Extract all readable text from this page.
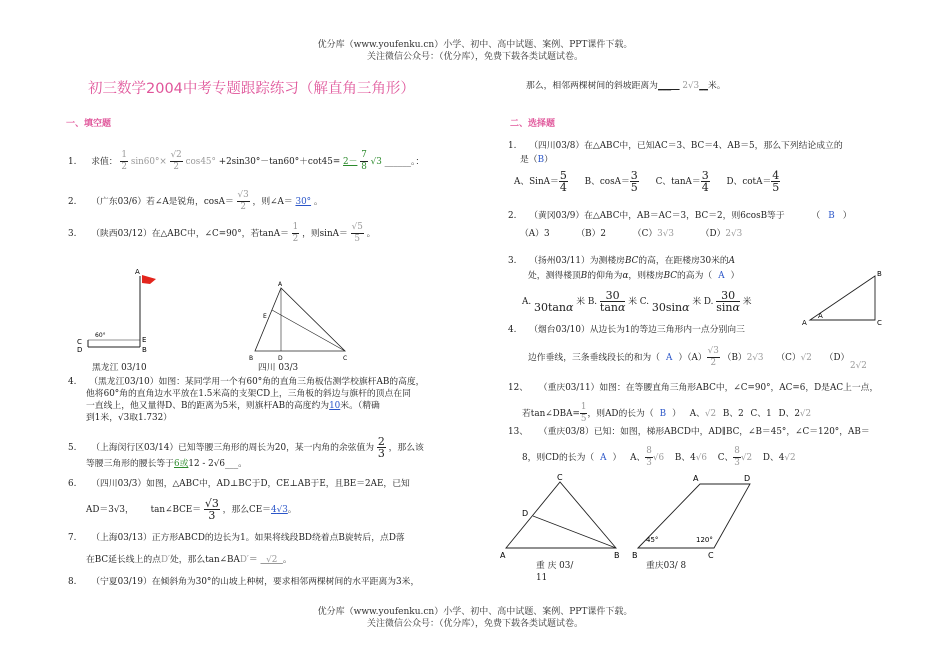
优分库（www.youfenku.cn）小学、初中、高中试题、案例、PPT课件下载。
关注微信公众号：（优分库），免费下载各类试题试卷。
初三数学2004中考专题跟踪练习（解直角三角形）
一、填空题
1. 求值： $\frac{1}{2} \sin 60^\circ\times \frac{√2}{2} \cos 45^\circ +2\sin 30^\circ-\tan 60^\circ+\cot 45= 2- \frac{7}{8} √3$ ______。：
2. （广东03/6）若∠A是锐角，$\cos A= \frac{√3}{2}$ ，则∠A＝ 30° 。
3. （陕西03/12）在△ABC中，∠C=90°，若$\tan A= \frac{1}{2}$ ，则$\sin A= \frac{√5}{5}$ 。
A
C
D
E
B
60°
黑龙江 03/10
A
E
B	D	C
四川 03/3
4. （黑龙江03/10）如图：某同学用一个有60°角的直角三角板估测学校旗杆AB的高度，
他将60°角的直角边水平放在1.5米高的支架CD上，三角板的斜边与旗杆的顶点在同
一直线上，他又量得D、B的距离为5米，则旗杆AB的高度约为10米。（精确
到1米，√3取1.732）
5. （上海闵行区03/14）已知等腰三角形的周长为20，某一内角的余弦值为 $\frac{2}{3}$ ，那么该
等腰三角形的腰长等于6或12 - 2√6___。
6. （四川03/3）如图，△ABC中，AD⊥BC于D，CE⊥AB于E，且BE＝2AE，已知
AD＝3√3， tan∠BCE＝ $\frac{√3}{3}$ ，那么CE＝4√3。
7. （上海03/13）正方形ABCD的边长为1。如果将线段BD绕着点B旋转后，点D落
在BC延长线上的点D′处，那么tan∠BAD′＝   √2  。
8. （宁夏03/19）在倾斜角为30°的山坡上种树，要求相邻两棵树间的水平距离为3米，
那么，相邻两棵树间的斜坡距离为___    2√3__米。
二、选择题
1. （四川03/8）在△ABC中，已知AC＝3、BC＝4、AB＝5，那么下列结论成立的
是（B）
A、SinA＝ $\frac{5}{4}$ B、$\cos A= \frac{3}{5}$ C、$\tan A= \frac{3}{4}$ D、$\cot A= \frac{4}{5}$
2. （黄冈03/9）在△ABC中，AB＝AC＝3，BC＝2，则6cosB等于	（ B ）
（A）3	（B）2	（C）3√3	（D）2√3
3. （扬州03/11）为测楼房BC的高，在距楼房30米的A
处，测得楼顶B的仰角为α，则楼房BC的高为（ A ）
A.
30tanα 米 B. $\frac{30}{\tan\alpha}$ 米 C.
30sinα 米 D. $\frac{30}{\sin\alpha}$ 米
B
A	C
A
4. （烟台03/10）从边长为1的等边三角形内一点分别向三
边作垂线，三条垂线段长的和为（ A ）$(A) \frac{√3}{2} (B)2√3$ （C）√2 （D）
2√2
12、 （重庆03/11）如图：在等腰直角三角形ABC中，∠C=90°，AC=6，D是AC上一点，
若tan∠DBA= $\frac{1}{5}$ ，则AD的长为（ B ） A、√2 B、2 C、1 D、2√2
13、 （重庆03/8）已知：如图，梯形ABCD中，AD∥BC，∠B＝45°，∠C＝120°，AB＝
8，则CD的长为（ A ） A、 $\frac{8}{3} √6$ B、4√6 C、 $\frac{8}{3} √2$ D、4√2
C
D
A	B
重 庆 03/
11
A	D
B	C
45°	120°
重庆03/ 8
优分库（www.youfenku.cn）小学、初中、高中试题、案例、PPT课件下载。
关注微信公众号：（优分库），免费下载各类试题试卷。
